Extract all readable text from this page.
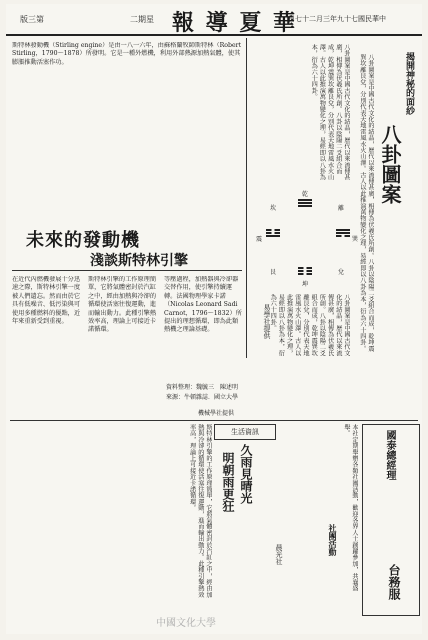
版三第	二期星 報 導 夏 華
日七十二月三年九十七國民華中
揭開神秘的面紗
八卦圖案
八卦圖案是中國古代文化的結晶，歷代以來流傳甚廣，相傳為伏羲氏所創。八卦以陰陽二爻組合而成，乾坤震巽坎離艮兌，分別代表天地雷風水火山澤。古人以此推演萬物變化之理，易經即以八卦為本，衍為六十四卦。
八卦圖案是中國古代文化的結晶，歷代以來流傳甚廣，相傳為伏羲氏所創。八卦以陰陽二爻組合而成，乾坤震巽坎離艮兌，分別代表天地雷風水火山澤。古人以此推演萬物變化之理，易經即以八卦為本，衍為六十四卦。
乾
坤
震	巽
坎	離
艮	兌
八卦圖案是中國古代文化的結晶，歷代以來流傳甚廣，相傳為伏羲氏所創。八卦以陰陽二爻組合而成，乾坤震巽坎離艮兌，分別代表天地雷風水火山澤。古人以此推演萬物變化之理，易經即以八卦為本，衍為六十四卦。
易學社提供
斯特林發動機（Stirling engine）是由一八一六年，由蘇格蘭牧師斯特林（Robert Stirling，1790～1878）所發明。它是一種外燃機，利用外部熱源加熱氣體，使其膨脹推動活塞作功。
未來的發動機
淺談斯特林引擎
在近代內燃機發展十分迅速之際，斯特林引擎一度被人們遺忘。然而由於它具有低噪音、低污染與可使用多種燃料的優點，近年來重新受到重視。
斯特林引擎的工作原理簡單，它將氣體密封於汽缸之中，經由加熱與冷卻的循環使活塞往復運動，進而輸出動力。此種引擎熱效率高，理論上可接近卡諾循環。
等壓過程，加熱器與冷卻器交替作用，使引擎持續運轉。法國物理學家卡諾（Nicolas Leonard Sadi Carnot，1796～1832）所提出的理想循環，即為此類熱機之理論基礎。
資料整理：魏毓三　陳述明
來源：牛頓雜誌．國立大學
機械學社提供
斯特林引擎的工作原理簡單，它將氣體密封於汽缸之中，經由加熱與冷卻的循環使活塞往復運動，進而輸出動力。此種引擎熱效率高，理論上可接近卡諾循環。	生活資訊
久雨見晴光
明朝雨更狂
晨光社	本社定期舉辦各類社團活動，歡迎各界人士踴躍參加，共襄盛舉。
社團活動
國泰總經理
台務服
中國文化大學
